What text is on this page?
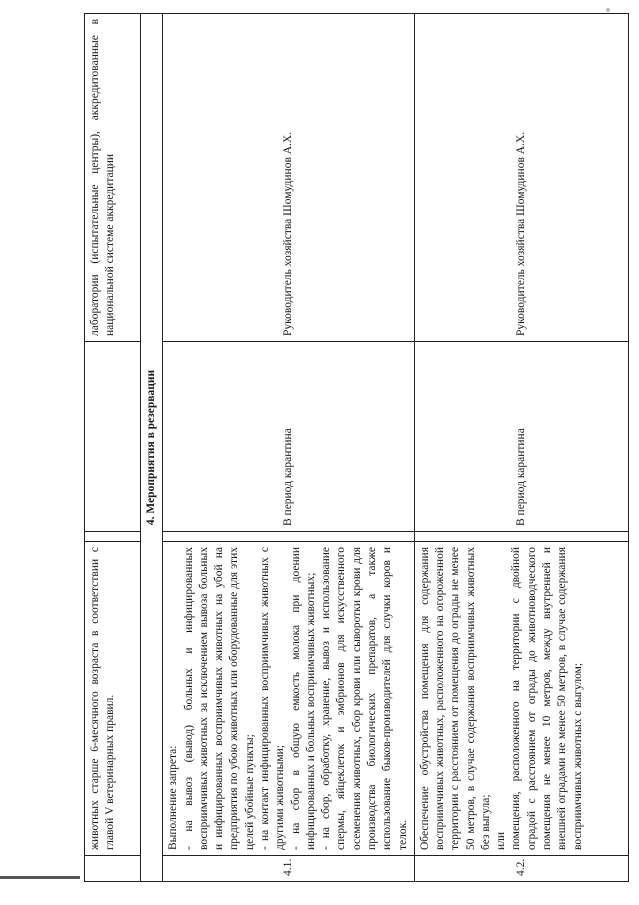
	животных старше 6-месячного возраста в соответствии с главой V ветеринарных правил.			лаборатории (испытательные центры), аккредитованные в национальной системе аккредитации
4. Мероприятия в резервации				
4.1.	Выполнение запрета: - на вывоз (вывод) больных и инфицированных восприимчивых животных за исключением вывоза больных и инфицированных восприимчивых животных на убой на предприятия по убою животных или оборудованные для этих целей убойные пункты; - на контакт инфицированных восприимчивых животных с другими животными; - на сбор в общую емкость молока при доении инфицированных и больных восприимчивых животных; - на сбор, обработку, хранение, вывоз и использование спермы, яйцеклеток и эмбрионов для искусственного осеменения животных, сбор крови или сыворотки крови для производства биологических препаратов, а также использование быков-производителей для случки коров и телок.		В период карантина	Руководитель хозяйства Шомудинов А.Х.
4.2.	Обеспечение обустройства помещения для содержания восприимчивых животных, расположенного на огороженной территории с расстоянием от помещения до ограды не менее 50 метров, в случае содержания восприимчивых животных без выгула; или помещения, расположенного на территории с двойной оградой с расстоянием от ограды до животноводческого помещения не менее 10 метров, между внутренней и внешней оградами не менее 50 метров, в случае содержания восприимчивых животных с выгулом;		В период карантина	Руководитель хозяйства Шомудинов А.Х.
